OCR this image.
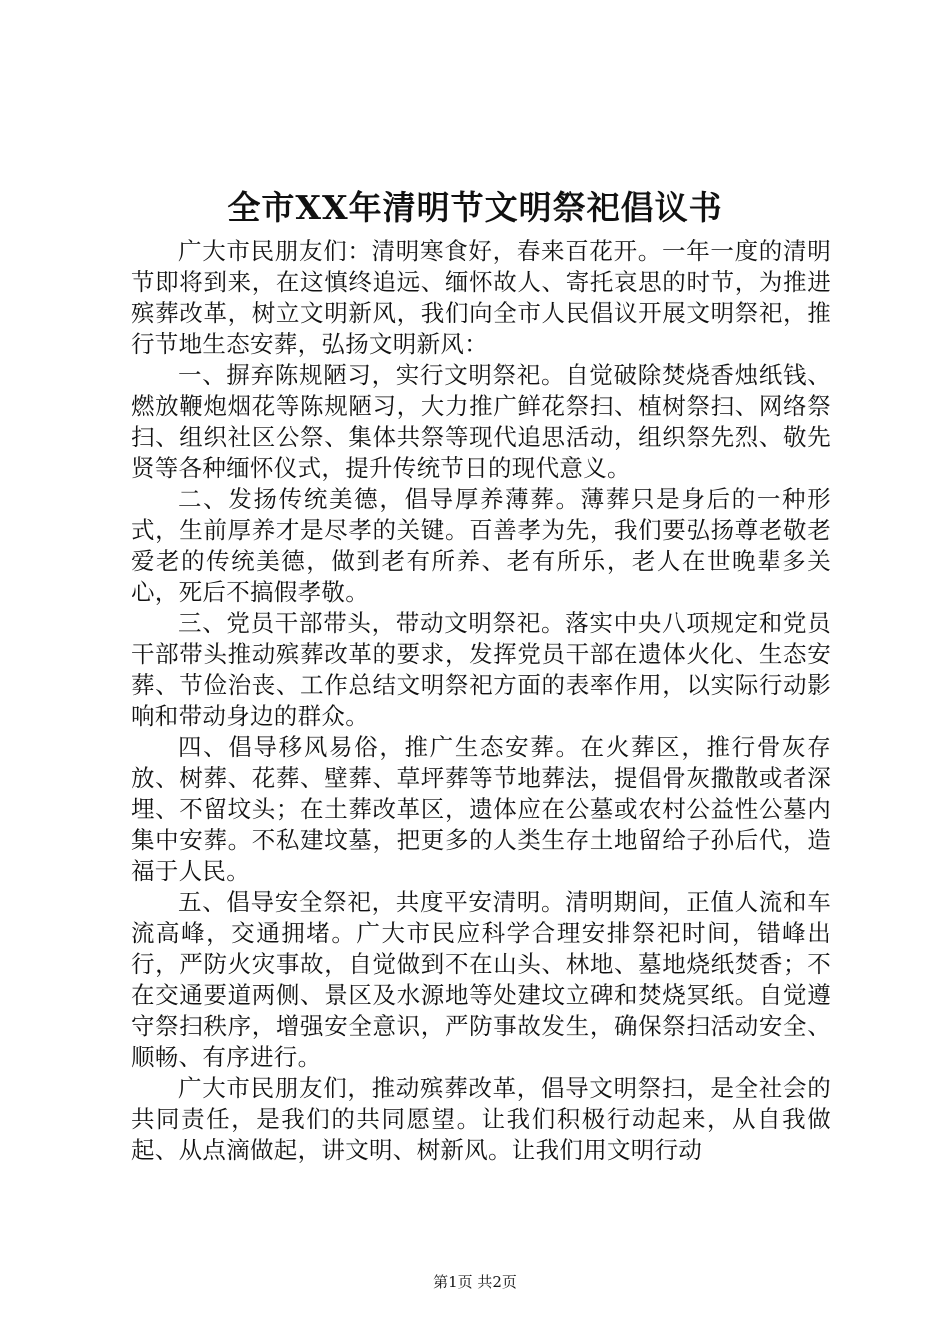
全市XX年清明节文明祭祀倡议书

广大市民朋友们：清明寒食好，春来百花开。一年一度的清明节即将到来，在这慎终追远、缅怀故人、寄托哀思的时节，为推进殡葬改革，树立文明新风，我们向全市人民倡议开展文明祭祀，推行节地生态安葬，弘扬文明新风：

一、摒弃陈规陋习，实行文明祭祀。自觉破除焚烧香烛纸钱、燃放鞭炮烟花等陈规陋习，大力推广鲜花祭扫、植树祭扫、网络祭扫、组织社区公祭、集体共祭等现代追思活动，组织祭先烈、敬先贤等各种缅怀仪式，提升传统节日的现代意义。

二、发扬传统美德，倡导厚养薄葬。薄葬只是身后的一种形式，生前厚养才是尽孝的关键。百善孝为先，我们要弘扬尊老敬老爱老的传统美德，做到老有所养、老有所乐，老人在世晚辈多关心，死后不搞假孝敬。

三、党员干部带头，带动文明祭祀。落实中央八项规定和党员干部带头推动殡葬改革的要求，发挥党员干部在遗体火化、生态安葬、节俭治丧、工作总结文明祭祀方面的表率作用，以实际行动影响和带动身边的群众。

四、倡导移风易俗，推广生态安葬。在火葬区，推行骨灰存放、树葬、花葬、壁葬、草坪葬等节地葬法，提倡骨灰撒散或者深埋、不留坟头；在土葬改革区，遗体应在公墓或农村公益性公墓内集中安葬。不私建坟墓，把更多的人类生存土地留给子孙后代，造福于人民。

五、倡导安全祭祀，共度平安清明。清明期间，正值人流和车流高峰，交通拥堵。广大市民应科学合理安排祭祀时间，错峰出行，严防火灾事故，自觉做到不在山头、林地、墓地烧纸焚香；不在交通要道两侧、景区及水源地等处建坟立碑和焚烧冥纸。自觉遵守祭扫秩序，增强安全意识，严防事故发生，确保祭扫活动安全、顺畅、有序进行。

广大市民朋友们，推动殡葬改革，倡导文明祭扫，是全社会的共同责任，是我们的共同愿望。让我们积极行动起来，从自我做起、从点滴做起，讲文明、树新风。让我们用文明行动

第1页 共2页
